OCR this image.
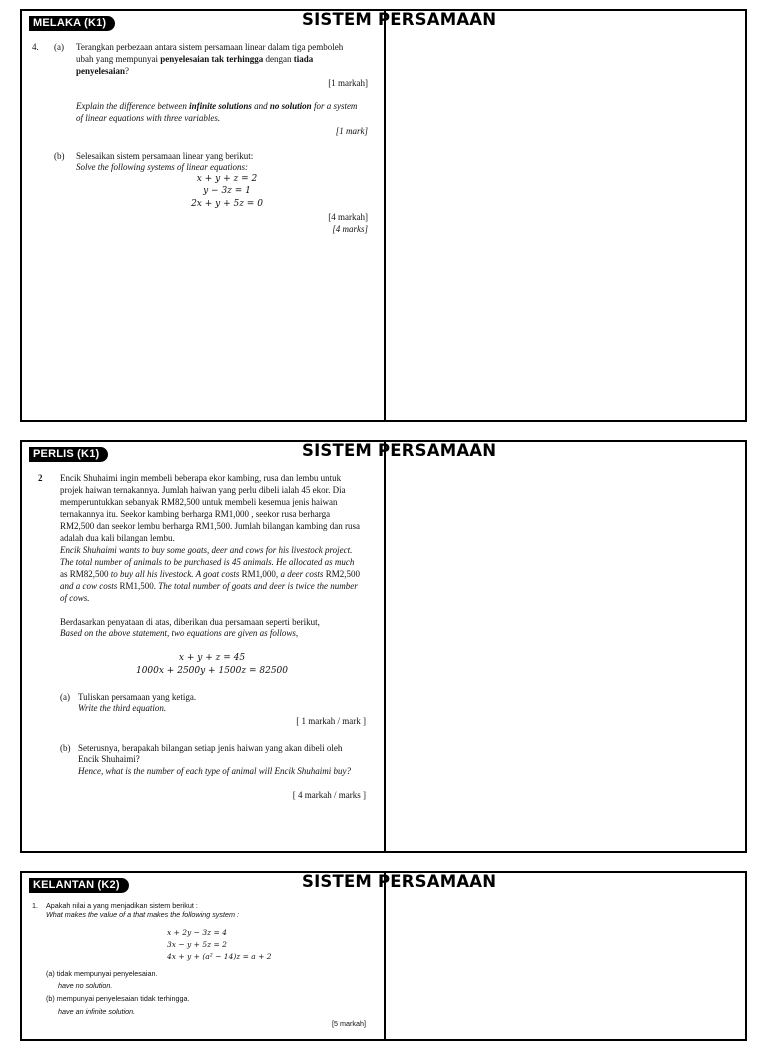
MELAKA (K1)	SISTEM PERSAMAAN
4. (a) Terangkan perbezaan antara sistem persamaan linear dalam tiga pemboleh
ubah yang mempunyai penyelesaian tak terhingga dengan tiada
penyelesaian?
[1 markah]
Explain the difference between infinite solutions and no solution for a system
of linear equations with three variables.
[1 mark]
(b) Selesaikan sistem persamaan linear yang berikut:
Solve the following systems of linear equations:
x + y + z = 2
y − 3z = 1
2x + y + 5z = 0
[4 markah]
[4 marks]
PERLIS (K1)	SISTEM PERSAMAAN
2 Encik Shuhaimi ingin membeli beberapa ekor kambing, rusa dan lembu untuk
projek haiwan ternakannya. Jumlah haiwan yang perlu dibeli ialah 45 ekor. Dia
memperuntukkan sebanyak RM82,500 untuk membeli kesemua jenis haiwan
ternakannya itu. Seekor kambing berharga RM1,000 , seekor rusa berharga
RM2,500 dan seekor lembu berharga RM1,500. Jumlah bilangan kambing dan rusa
adalah dua kali bilangan lembu.
Encik Shuhaimi wants to buy some goats, deer and cows for his livestock project.
The total number of animals to be purchased is 45 animals. He allocated as much
as RM82,500 to buy all his livestock. A goat costs RM1,000, a deer costs RM2,500
and a cow costs RM1,500. The total number of goats and deer is twice the number
of cows.
Berdasarkan penyataan di atas, diberikan dua persamaan seperti berikut,
Based on the above statement, two equations are given as follows,
x + y + z = 45
1000x + 2500y + 1500z = 82500
(a) Tuliskan persamaan yang ketiga.
Write the third equation.
[ 1 markah / mark ]
(b) Seterusnya, berapakah bilangan setiap jenis haiwan yang akan dibeli oleh
Encik Shuhaimi?
Hence, what is the number of each type of animal will Encik Shuhaimi buy?
[ 4 markah / marks ]
KELANTAN (K2)	SISTEM PERSAMAAN
1. Apakah nilai a yang menjadikan sistem berikut :
What makes the value of a that makes the following system :
x + 2y − 3z = 4
3x − y + 5z = 2
4x + y + (a² − 14)z = a + 2
(a) tidak mempunyai penyelesaian.
have no solution.
(b) mempunyai penyelesaian tidak terhingga.
have an infinite solution.
[5 markah]
